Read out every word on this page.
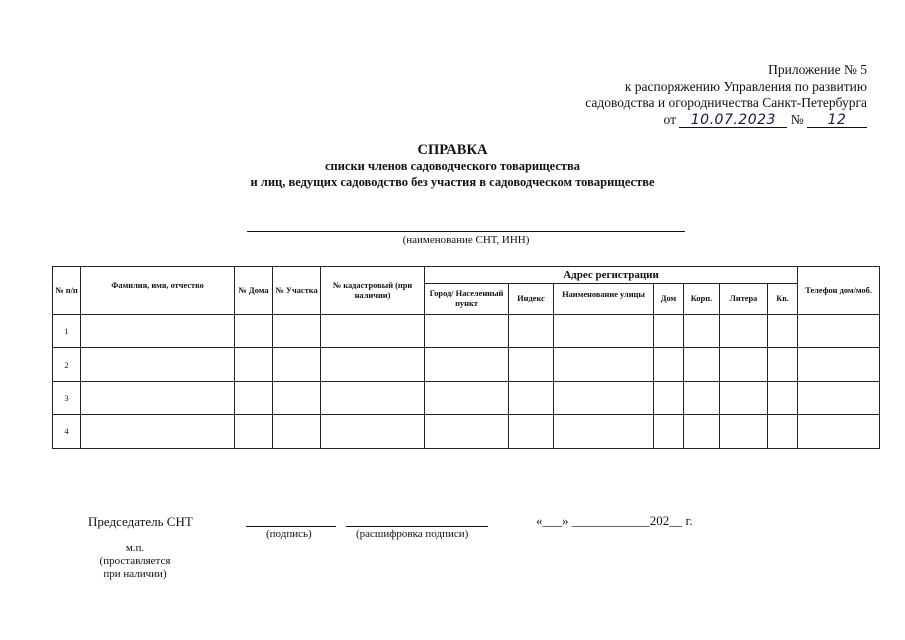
Приложение № 5
к распоряжению Управления по развитию
садоводства и огородничества Санкт-Петербурга
от 10.07.2023 № 12
СПРАВКА
списки членов садоводческого товарищества
и лиц, ведущих садоводство без участия в садоводческом товариществе
(наименование СНТ, ИНН)
№ п/п	Фамилия, имя, отчество	№ Дома	№ Участка	№ кадастровый (при наличии)	Адрес регистрации							Телефон дом/моб.
					Город/ Населенный пункт	Индекс	Наименование улицы	Дом	Корп.	Литера	Кв.	
1												
2												
3												
4												
Председатель СНТ
(подпись)	(расшифровка подписи)
«___» ____________202__ г.
м.п.
(проставляется
при наличии)
